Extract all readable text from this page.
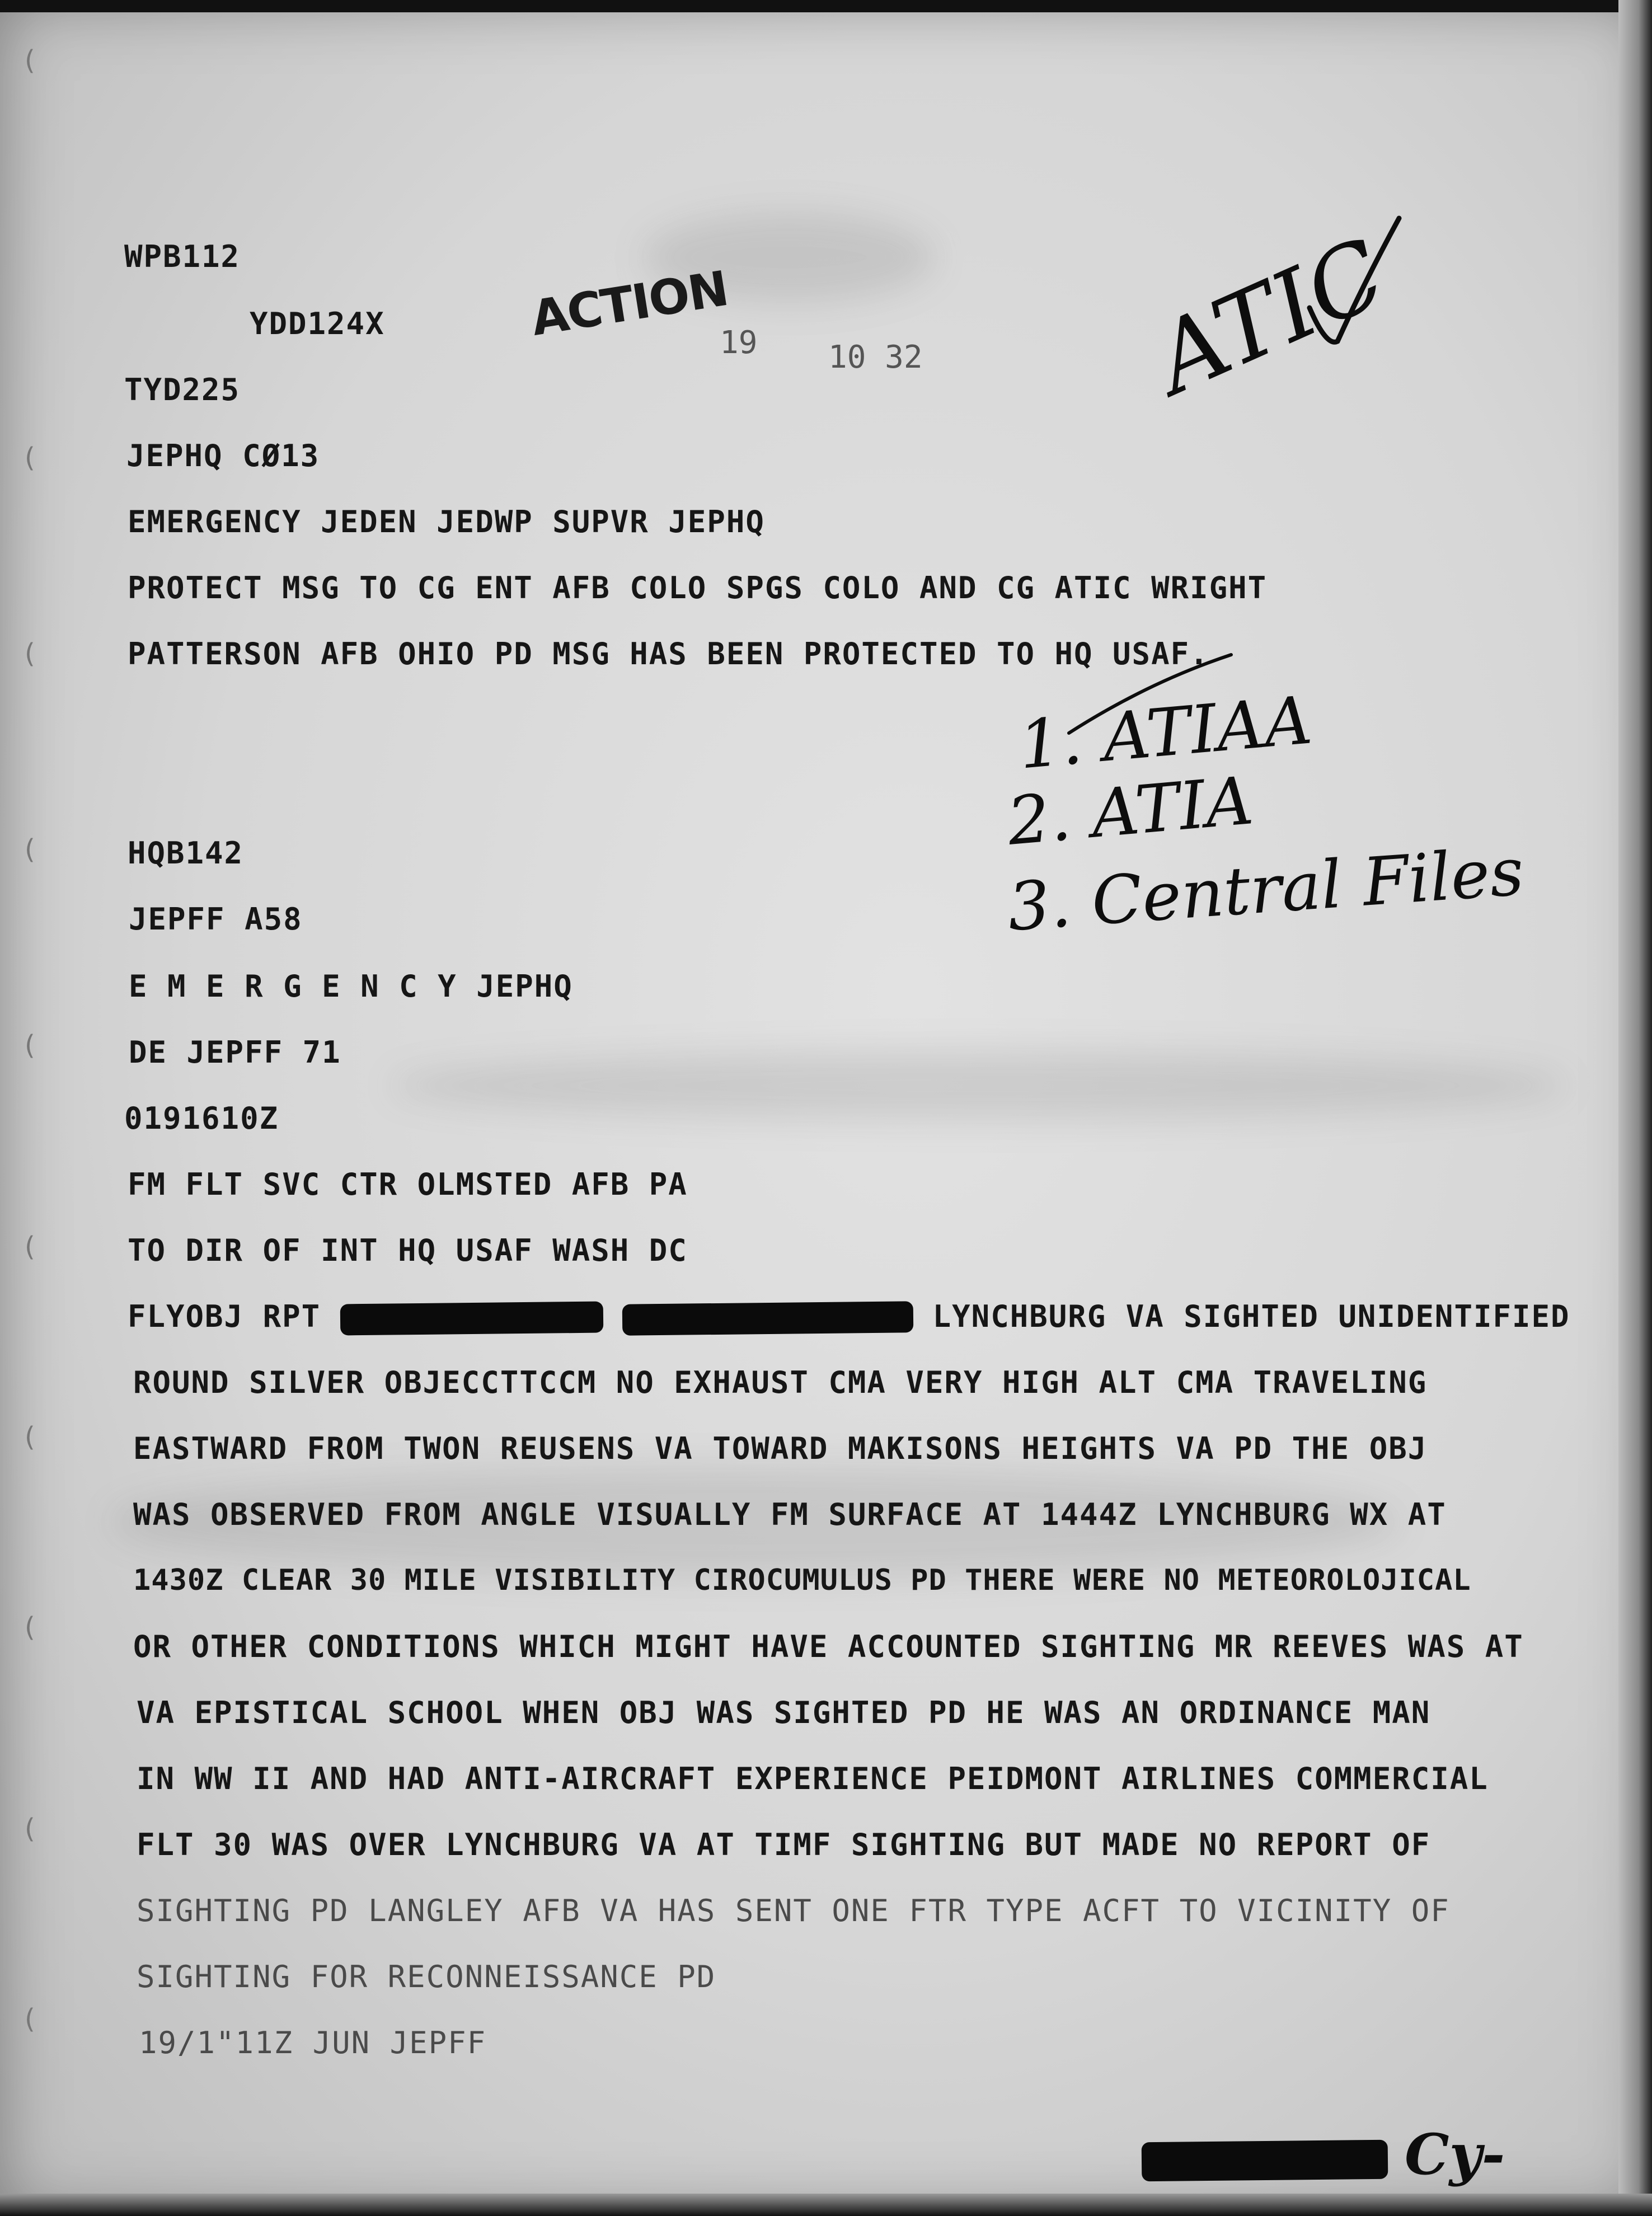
(
(
(
(
(
(
(
(
(
(
WPB112
YDD124X
TYD225
JEPHQ CØ13
EMERGENCY JEDEN JEDWP SUPVR JEPHQ
PROTECT MSG TO CG ENT AFB COLO SPGS COLO AND CG ATIC WRIGHT
PATTERSON AFB OHIO PD MSG HAS BEEN PROTECTED TO HQ USAF.
ACTION
19 10 32 ATIC
1. ATIAA
2. ATIA
3. Central Files
HQB142
JEPFF A58
E M E R G E N C Y JEPHQ
DE JEPFF 71
0191610Z
FM FLT SVC CTR OLMSTED AFB PA
TO DIR OF INT HQ USAF WASH DC
FLYOBJ RPT	LYNCHBURG VA SIGHTED UNIDENTIFIED
ROUND SILVER OBJECCTTCCM NO EXHAUST CMA VERY HIGH ALT CMA TRAVELING
EASTWARD FROM TWON REUSENS VA TOWARD MAKISONS HEIGHTS VA PD THE OBJ
WAS OBSERVED FROM ANGLE VISUALLY FM SURFACE AT 1444Z LYNCHBURG WX AT
1430Z CLEAR 30 MILE VISIBILITY CIROCUMULUS PD THERE WERE NO METEOROLOJICAL
OR OTHER CONDITIONS WHICH MIGHT HAVE ACCOUNTED SIGHTING MR REEVES WAS AT
VA EPISTICAL SCHOOL WHEN OBJ WAS SIGHTED PD HE WAS AN ORDINANCE MAN
IN WW II AND HAD ANTI-AIRCRAFT EXPERIENCE PEIDMONT AIRLINES COMMERCIAL
FLT 30 WAS OVER LYNCHBURG VA AT TIMF SIGHTING BUT MADE NO REPORT OF
SIGHTING PD LANGLEY AFB VA HAS SENT ONE FTR TYPE ACFT TO VICINITY OF
SIGHTING FOR RECONNEISSANCE PD
19/1"11Z JUN JEPFF
Cy-
